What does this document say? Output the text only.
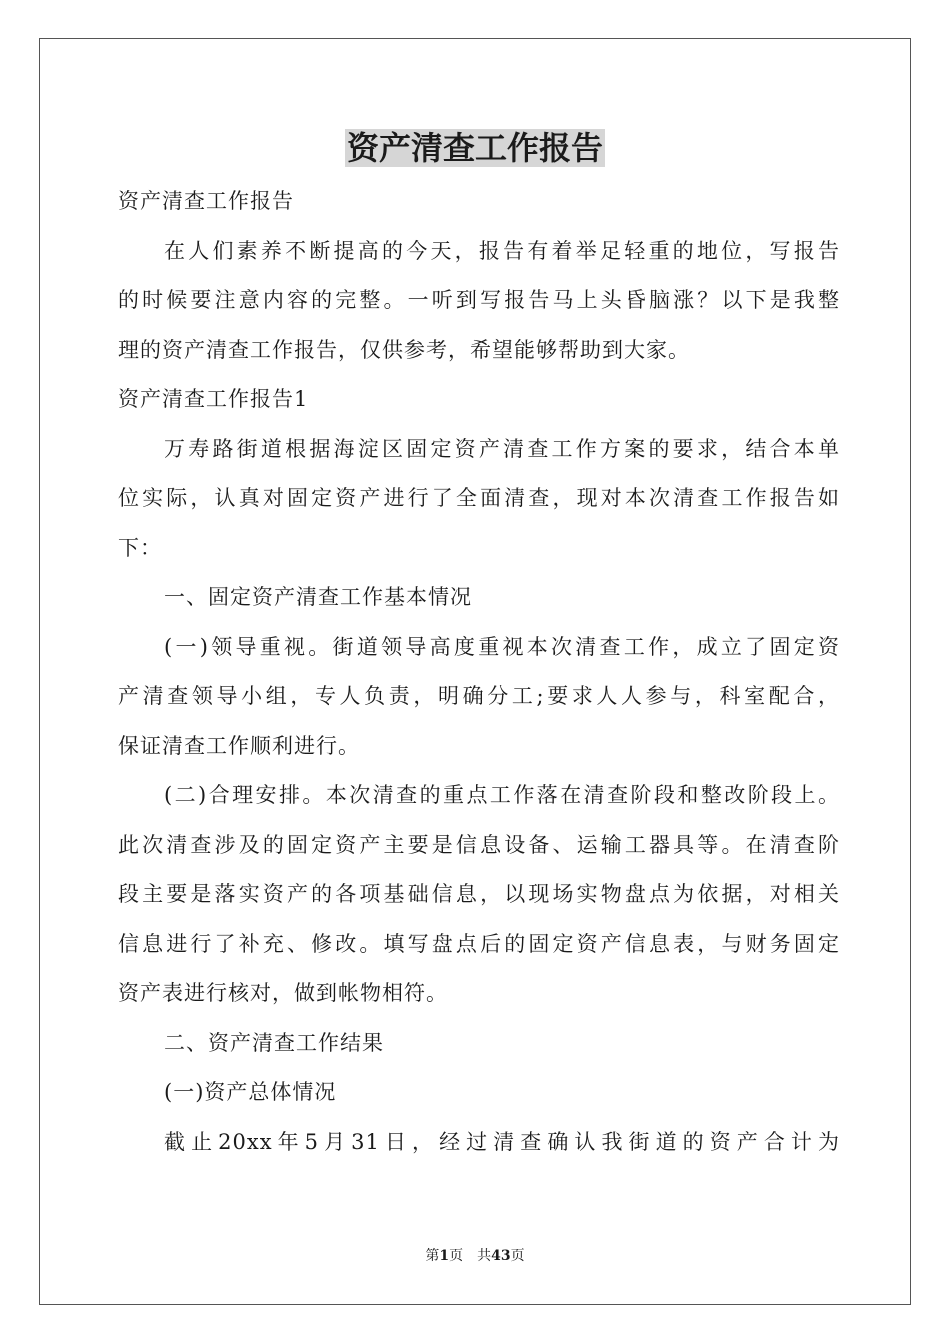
资产清查工作报告
资产清查工作报告
在人们素养不断提高的今天，报告有着举足轻重的地位，写报告
的时候要注意内容的完整。一听到写报告马上头昏脑涨？以下是我整
理的资产清查工作报告，仅供参考，希望能够帮助到大家。
资产清查工作报告1
万寿路街道根据海淀区固定资产清查工作方案的要求，结合本单
位实际，认真对固定资产进行了全面清查，现对本次清查工作报告如
下：
一、固定资产清查工作基本情况
(一)领导重视。街道领导高度重视本次清查工作，成立了固定资
产清查领导小组，专人负责，明确分工;要求人人参与，科室配合，
保证清查工作顺利进行。
(二)合理安排。本次清查的重点工作落在清查阶段和整改阶段上。
此次清查涉及的固定资产主要是信息设备、运输工器具等。在清查阶
段主要是落实资产的各项基础信息，以现场实物盘点为依据，对相关
信息进行了补充、修改。填写盘点后的固定资产信息表，与财务固定
资产表进行核对，做到帐物相符。
二、资产清查工作结果
(一)资产总体情况
截止20xx年5月31日，经过清查确认我街道的资产合计为
第1页 共43页
